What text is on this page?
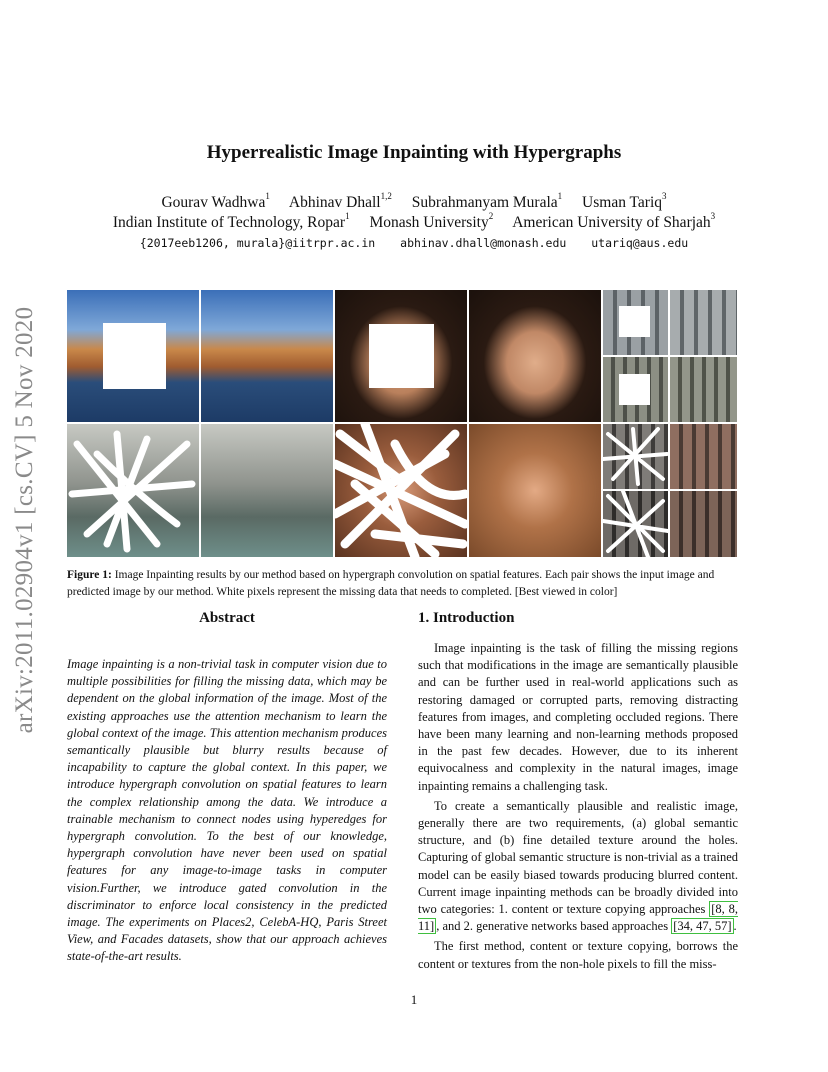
arXiv:2011.02904v1 [cs.CV] 5 Nov 2020
Hyperrealistic Image Inpainting with Hypergraphs
Gourav Wadhwa$^1$ Abhinav Dhall$^{1,2}$ Subrahmanyam Murala$^1$ Usman Tariq$^3$
Indian Institute of Technology, Ropar$^1$ Monash University$^2$ American University of Sharjah$^3$
{2017eeb1206, murala}@iitrpr.ac.in abhinav.dhall@monash.edu utariq@aus.edu
Figure 1: Image Inpainting results by our method based on hypergraph convolution on spatial features. Each pair shows the input image and predicted image by our method. White pixels represent the missing data that needs to completed. [Best viewed in color]
Abstract
Image inpainting is a non-trivial task in computer vision due to multiple possibilities for filling the missing data, which may be dependent on the global information of the image. Most of the existing approaches use the attention mechanism to learn the global context of the image. This attention mechanism produces semantically plausible but blurry results because of incapability to capture the global context. In this paper, we introduce hypergraph convolution on spatial features to learn the complex relationship among the data. We introduce a trainable mechanism to connect nodes using hyperedges for hypergraph convolution. To the best of our knowledge, hypergraph convolution have never been used on spatial features for any image-to-image tasks in computer vision.Further, we introduce gated convolution in the discriminator to enforce local consistency in the predicted image. The experiments on Places2, CelebA-HQ, Paris Street View, and Facades datasets, show that our approach achieves state-of-the-art results.
1. Introduction

Image inpainting is the task of filling the missing regions such that modifications in the image are semantically plausible and can be further used in real-world applications such as restoring damaged or corrupted parts, removing distracting features from images, and completing occluded regions. There have been many learning and non-learning methods proposed in the past few decades. However, due to its inherent equivocalness and complexity in the natural images, image inpainting remains a challenging task.

To create a semantically plausible and realistic image, generally there are two requirements, (a) global semantic structure, and (b) fine detailed texture around the holes. Capturing of global semantic structure is non-trivial as a trained model can be easily biased towards producing blurred content. Current image inpainting methods can be broadly divided into two categories: 1. content or texture copying approaches [8, 8, 11] , and 2. generative networks based approaches [34, 47, 57] .

The first method, content or texture copying, borrows the content or textures from the non-hole pixels to fill the miss-

1
